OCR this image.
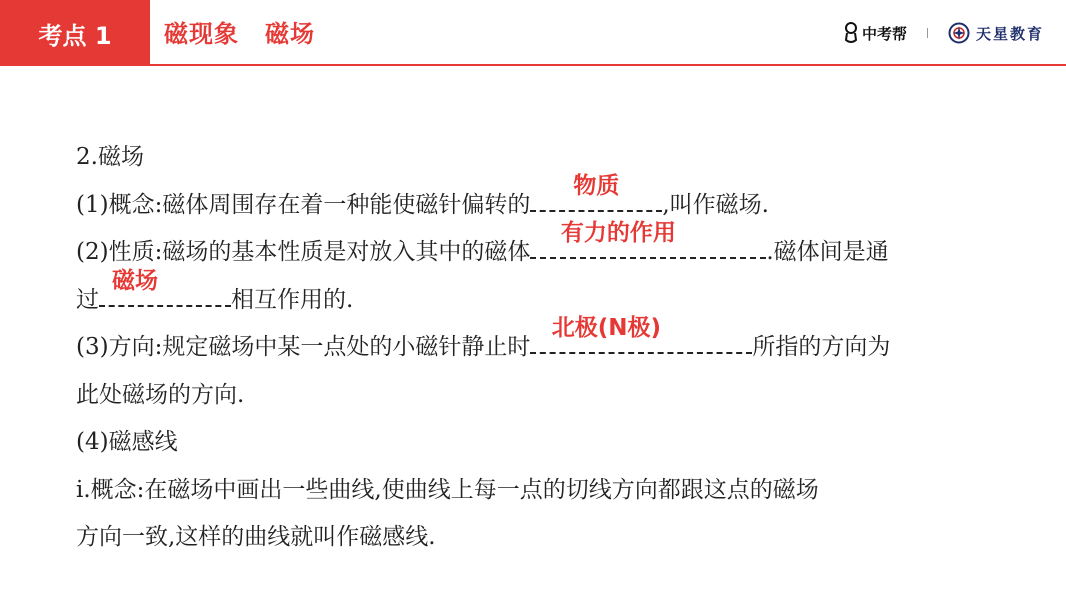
考点 1	磁现象 磁场	中考帮	天星教育
2.磁场
(1)概念:磁体周围存在着一种能使磁针偏转的
物质
,叫作磁场.
(2)性质:磁场的基本性质是对放入其中的磁体
有力的作用
.磁体间是通
过
磁场
相互作用的.
(3)方向:规定磁场中某一点处的小磁针静止时
北极(N极)
所指的方向为
此处磁场的方向.
(4)磁感线
ⅰ.概念:在磁场中画出一些曲线,使曲线上每一点的切线方向都跟这点的磁场
方向一致,这样的曲线就叫作磁感线.
